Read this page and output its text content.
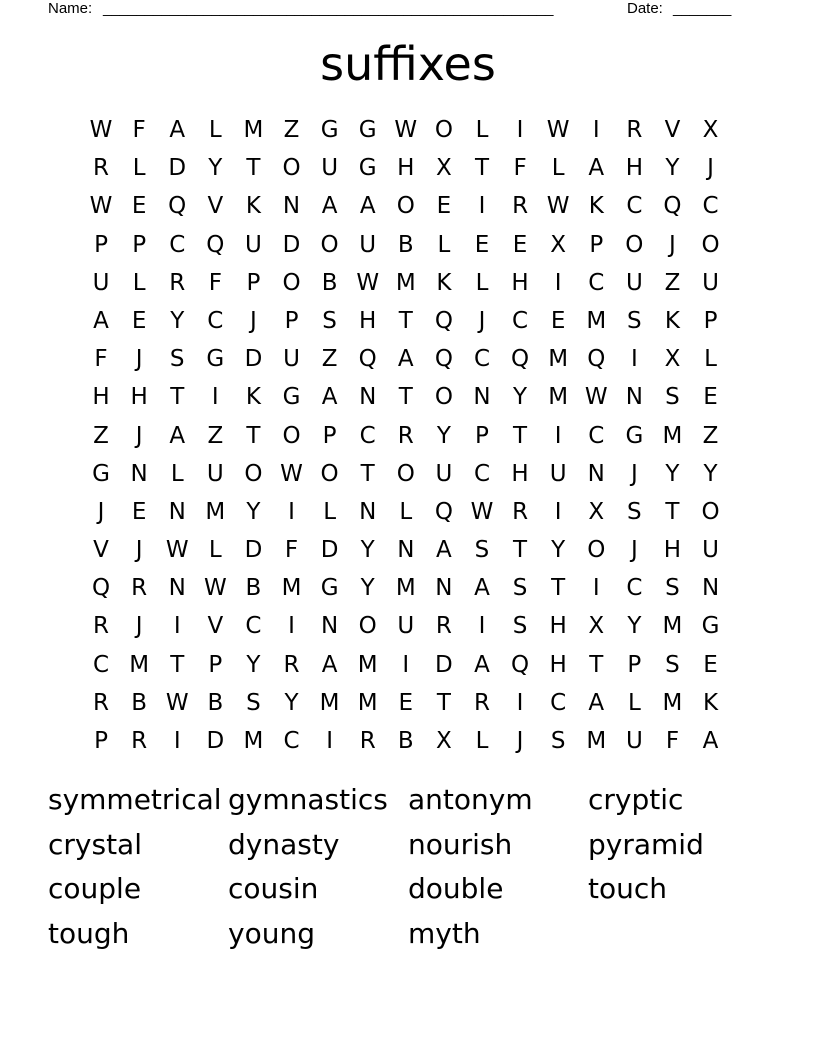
Name: ______________________________________________________	Date: _______
suffixes
W F	A	L M Z G G W O L	I	W	I	R V X
R	L D Y	T O U G H X	T	F	L	A H Y	J
W E Q V K N A A O E	I	R W K C Q C
P	P	C Q U D O U B	L	E	E X	P O	J	O
U	L	R	F	P O B W M K	L	H	I	C U Z U
A E	Y	C	J	P	S H T Q	J	C E M S	K	P
F	J	S G D U Z Q A Q C Q M Q	I	X	L
H H T	I	K G A N T O N Y M W N S	E
Z	J	A Z	T O P	C R	Y	P	T	I	C G M Z
G N	L	U O W O T O U C H U N	J	Y	Y
J	E N M Y	I	L	N	L Q W R	I	X S	T O
V	J	W L D F D Y N A S	T	Y O	J	H U
Q R N W B M G Y M N A S	T	I	C S N
R	J	I	V C	I	N O U R	I	S H X	Y M G
C M T	P	Y	R A M	I	D A Q H T	P	S	E
R B W B S	Y M M E	T	R	I	C A	L M K
P	R	I	D M C	I	R B X	L	J	S M U	F	A
symmetrical gymnastics antonym	cryptic
crystal	dynasty	nourish	pyramid
couple	cousin	double	touch
tough	young	myth
